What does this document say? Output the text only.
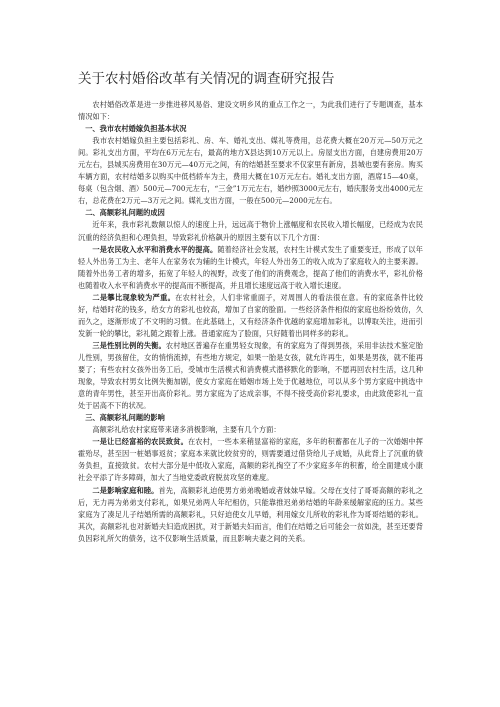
关于农村婚俗改革有关情况的调查研究报告

农村婚俗改革是进一步推进移风易俗、建设文明乡风的重点工作之一，为此我们进行了专题调查，基本情况如下：

一、我市农村婚嫁负担基本状况

我市农村婚嫁负担主要包括彩礼、房、车、婚礼支出、媒礼等费用，总花费大概在20万元—50万元之间。彩礼支出方面，平均在6万元左右，最高的地方X县达到10万元以上。房屋支出方面，自建房费用20万元左右，县城买房费用在30万元—40万元之间，有的结婚甚至要求不仅家里有新房，县城也要有套房。购买车辆方面，农村结婚多以购买中低档轿车为主，费用大概在10万元左右。婚礼支出方面，酒席15—40桌，每桌（包含烟、酒）500元—700元左右，“三金”1万元左右，婚纱照3000元左右，婚庆服务支出4000元左右，总花费在2万元—3万元之间。媒礼支出方面，一般在500元—2000元左右。

二、高额彩礼问题的成因

近年来，我市彩礼数额以惊人的速度上升，远远高于物价上涨幅度和农民收入增长幅度，已经成为农民沉重的经济负担和心理负担，导致彩礼价格飙升的原因主要有以下几个方面：

一是农民收入水平和消费水平的提高。随着经济社会发展，农村生计模式发生了重要变迁，形成了以年轻人外出务工为主、老年人在家务农为辅的生计模式，年轻人外出务工的收入成为了家庭收入的主要来源。随着外出务工者的增多，拓宽了年轻人的视野，改变了他们的消费观念，提高了他们的消费水平，彩礼价格也随着收入水平和消费水平的提高而不断提高，并且增长速度远高于收入增长速度。

二是攀比现象较为严重。在农村社会，人们非常重面子，对周围人的看法很在意。有的家庭条件比较好，结婚时花的钱多，给女方的彩礼也较高，增加了自家的脸面。一些经济条件相似的家庭也纷纷效仿，久而久之，逐渐形成了不文明的习惯。在此基础上，又有经济条件优越的家庭增加彩礼，以博取关注，进而引发新一轮的攀比，彩礼随之跟着上涨。普通家庭为了脸面，只好随着出同样多的彩礼。

三是性别比例的失衡。农村地区普遍存在重男轻女现象，有的家庭为了得到男孩，采用非法技术鉴定胎儿性别，男孩留住，女的悄悄流掉，有些地方规定，如果一胎是女孩，就允许再生，如果是男孩，就不能再要了；有些农村女孩外出务工后，受城市生活模式和消费模式潜移默化的影响，不愿再回农村生活，这几种现象，导致农村男女比例失衡加剧，使女方家庭在婚姻市场上处于优越地位，可以从多个男方家庭中挑选中意的青年男性，甚至开出高价彩礼。男方家庭为了达成亲事，不得不接受高价彩礼要求，由此致使彩礼一直处于居高不下的状况。

三、高额彩礼问题的影响

高额彩礼给农村家庭带来诸多消极影响，主要有几个方面：

一是让已经富裕的农民致贫。在农村，一些本来稍显富裕的家庭，多年的积蓄都在儿子的一次婚姻中挥霍殆尽，甚至因一桩婚事返贫；家庭本来就比较贫穷的，则需要通过借贷给儿子成婚，从此背上了沉重的债务负担，直接致贫。农村大部分是中低收入家庭，高额的彩礼掏空了不少家庭多年的积蓄，给全面建成小康社会平添了许多障碍，加大了当地党委政府脱贫攻坚的难度。

二是影响家庭和睦。首先，高额彩礼迫使男方弟弟晚婚或者妹妹早嫁。父母在支付了哥哥高额的彩礼之后，无力再为弟弟支付彩礼，如果兄弟两人年纪相仿，只能靠推迟弟弟结婚的年龄来缓解家庭的压力。某些家庭为了凑足儿子结婚所需的高额彩礼，只好迫使女儿早婚，利用嫁女儿所收的彩礼作为哥哥结婚的彩礼。其次，高额彩礼也对新婚夫妇造成困扰，对于新婚夫妇而言，他们在结婚之后可能会一贫如洗，甚至还要背负因彩礼所欠的债务，这不仅影响生活质量，而且影响夫妻之间的关系。
